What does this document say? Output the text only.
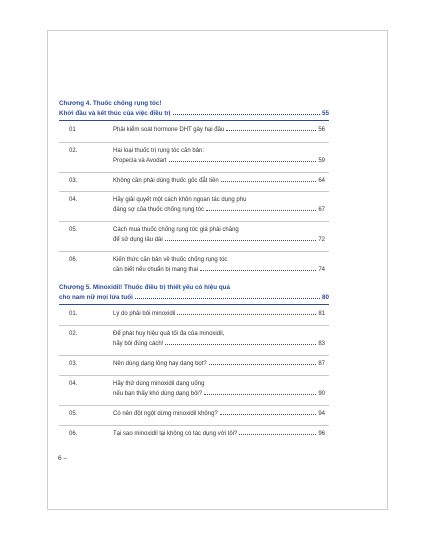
Chương 4. Thuốc chống rụng tóc!
Khởi đầu và kết thúc của việc điều trị	55
01	Phải kiểm soát hormone DHT gây hại đầu	56
02.	Hai loại thuốc trị rụng tóc căn bản:
Propecia và Avodart	59
03.	Không cần phải dùng thuốc gốc đắt tiền	64
04.	Hãy giải quyết một cách khôn ngoan tác dụng phụ
đáng sợ của thuốc chống rụng tóc	67
05.	Cách mua thuốc chống rụng tóc giá phải chăng
để sử dụng lâu dài	72
06.	Kiến thức căn bản về thuốc chống rụng tóc
cần biết nếu chuẩn bị mang thai	74
Chương 5. Minoxidil! Thuốc điều trị thiết yếu có hiệu quả
cho nam nữ mọi lứa tuổi	80
01.	Lý do phải bôi minoxidil	81
02.	Để phát huy hiệu quả tối đa của minoxidil,
hãy bôi đúng cách!	83
03.	Nên dùng dạng lỏng hay dạng bọt?	87
04.	Hãy thử dùng minoxidil dạng uống
nếu bạn thấy khó dùng dạng bôi?	90
05.	Có nên đột ngột dừng minoxidil không?	94
06.	Tại sao minoxidil lại không có tác dụng với tôi?	96
6 –
